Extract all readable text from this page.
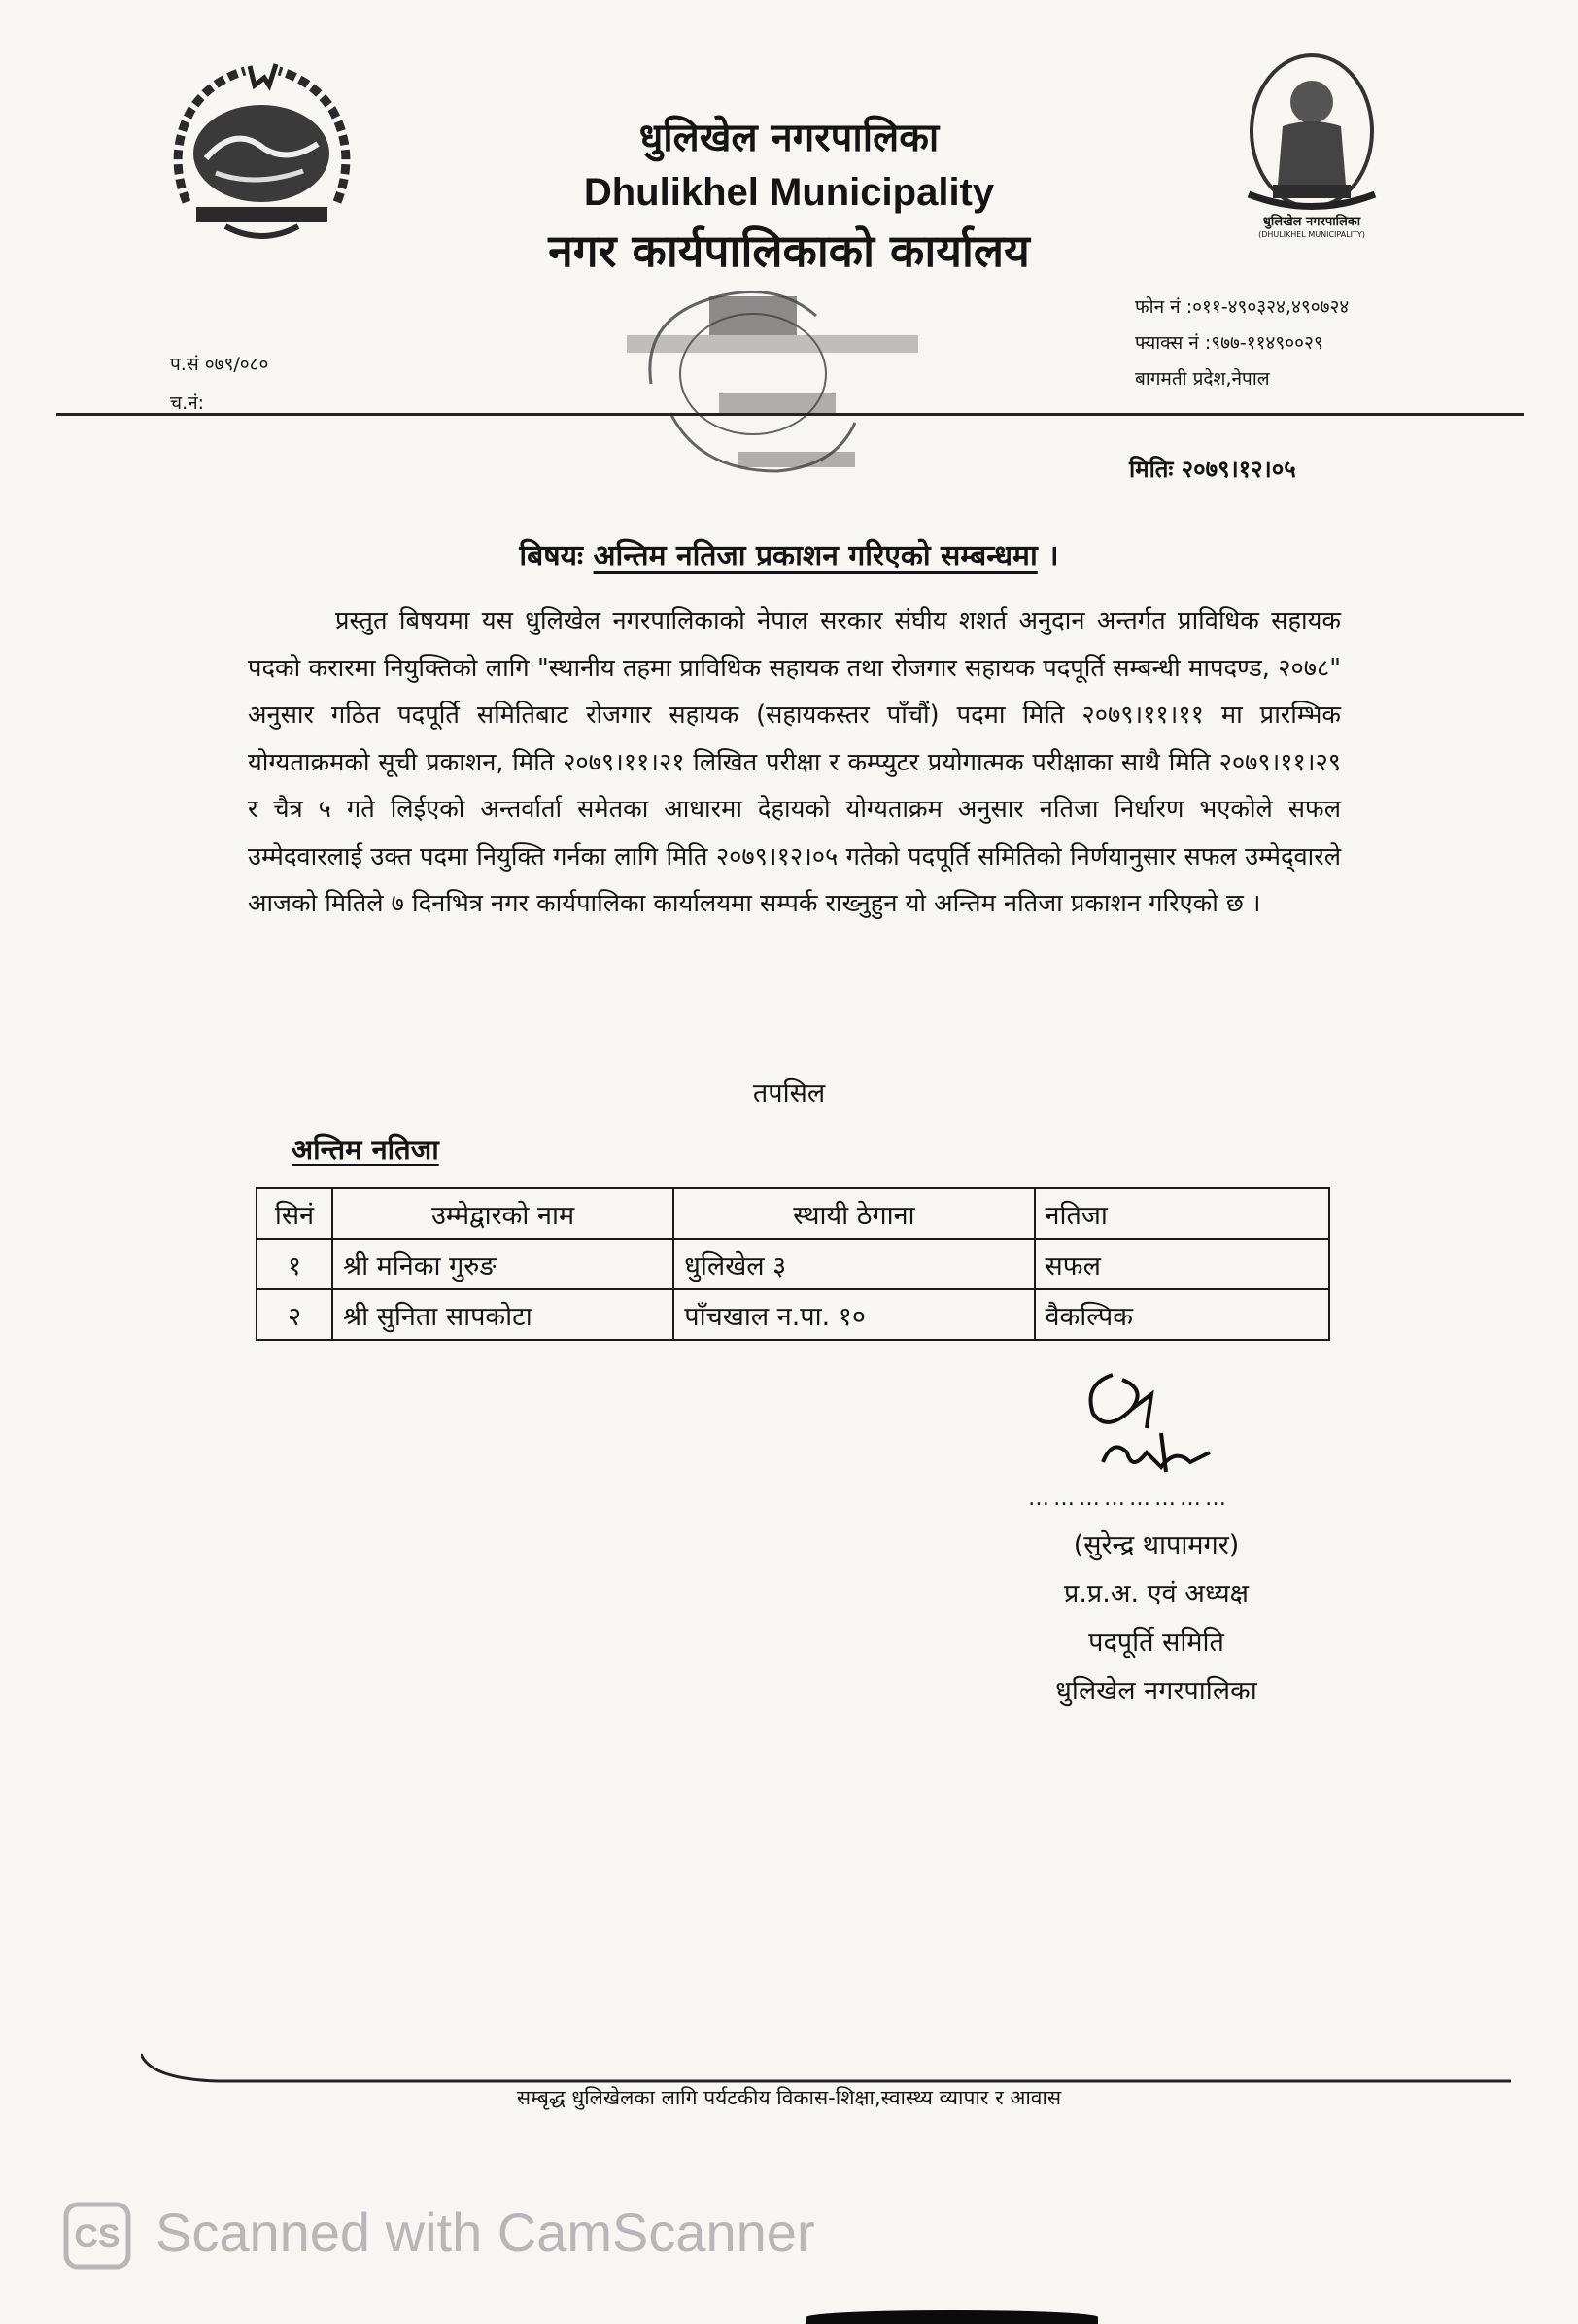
धुलिखेल नगरपालिका
(DHULIKHEL MUNICIPALITY)
धुलिखेल नगरपालिका
Dhulikhel Municipality
नगर कार्यपालिकाको कार्यालय
फोन नं :०११-४९०३२४,४९०७२४
फ्याक्स नं :९७७-११४९००२९
बागमती प्रदेश,नेपाल
प.सं ०७९/०८०
च.नं:
मितिः २०७९।१२।०५
बिषयः अन्तिम नतिजा प्रकाशन गरिएको सम्बन्धमा ।
प्रस्तुत बिषयमा यस धुलिखेल नगरपालिकाको नेपाल सरकार संघीय शशर्त अनुदान अन्तर्गत प्राविधिक सहायक पदको करारमा नियुक्तिको लागि "स्थानीय तहमा प्राविधिक सहायक तथा रोजगार सहायक पदपूर्ति सम्बन्धी मापदण्ड, २०७८" अनुसार गठित पदपूर्ति समितिबाट रोजगार सहायक (सहायकस्तर पाँचौं) पदमा मिति २०७९।११।११ मा प्रारम्भिक योग्यताक्रमको सूची प्रकाशन, मिति २०७९।११।२१ लिखित परीक्षा र कम्प्युटर प्रयोगात्मक परीक्षाका साथै मिति २०७९।११।२९ र चैत्र ५ गते लिईएको अन्तर्वार्ता समेतका आधारमा देहायको योग्यताक्रम अनुसार नतिजा निर्धारण भएकोले सफल उम्मेदवारलाई उक्त पदमा नियुक्ति गर्नका लागि मिति २०७९।१२।०५ गतेको पदपूर्ति समितिको निर्णयानुसार सफल उम्मेद्‌वारले आजको मितिले ७ दिनभित्र नगर कार्यपालिका कार्यालयमा सम्पर्क राख्नुहुन यो अन्तिम नतिजा प्रकाशन गरिएको छ ।
तपसिल
अन्तिम नतिजा
सिनं	उम्मेद्वारको नाम	स्थायी ठेगाना	नतिजा
१	श्री मनिका गुरुङ	धुलिखेल ३	सफल
२	श्री सुनिता सापकोटा	पाँचखाल न.पा. १०	वैकल्पिक
……………………
(सुरेन्द्र थापामगर)
प्र.प्र.अ. एवं अध्यक्ष
पदपूर्ति समिति
धुलिखेल नगरपालिका
सम्बृद्ध धुलिखेलका लागि पर्यटकीय विकास-शिक्षा,स्वास्थ्य व्यापार र आवास
CS Scanned with CamScanner
